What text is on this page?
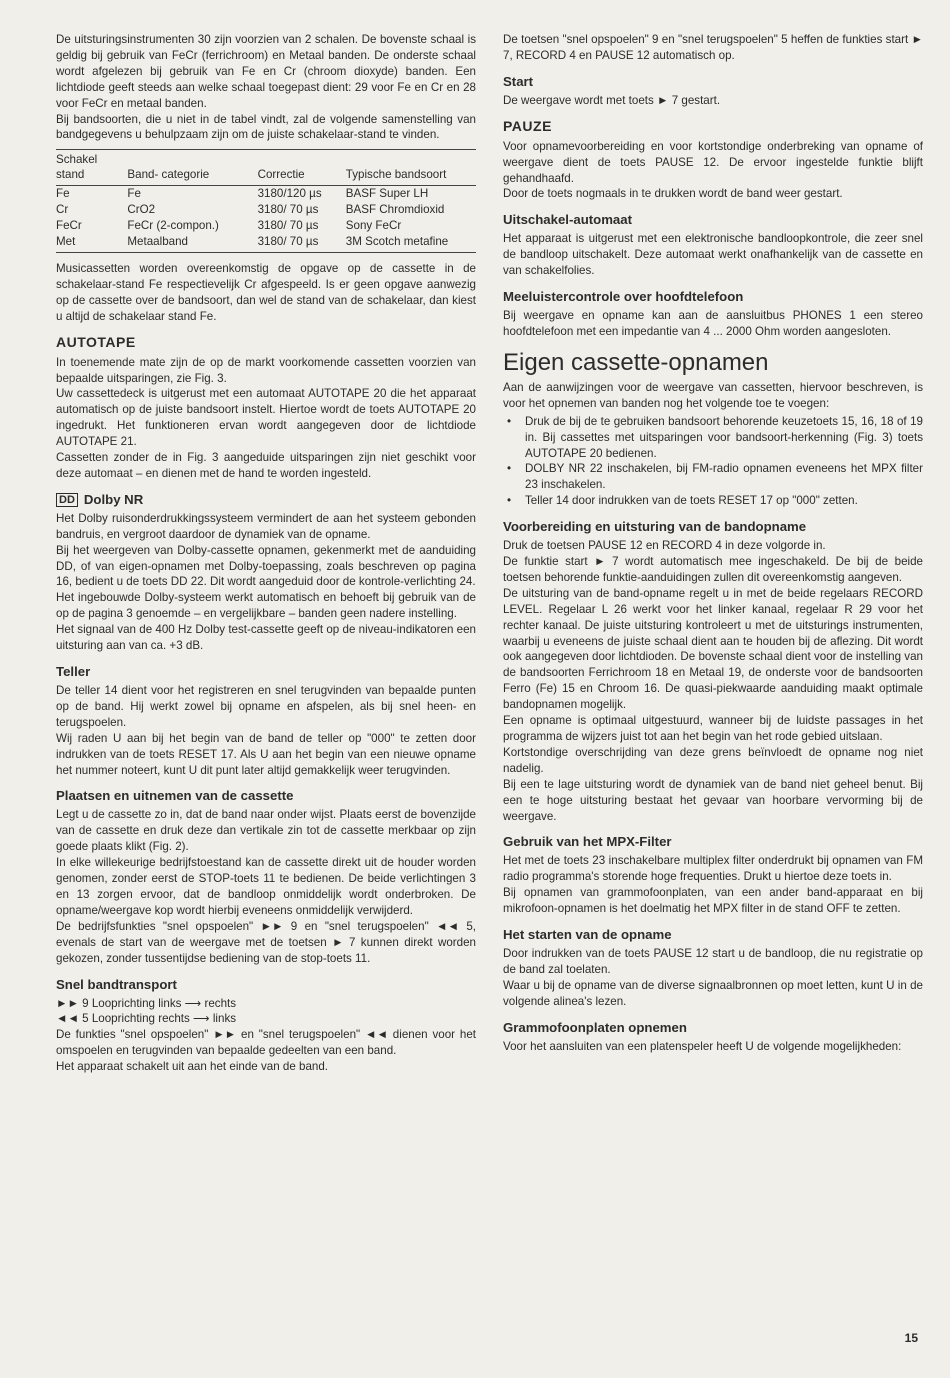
De uitsturingsinstrumenten 30 zijn voorzien van 2 schalen. De bovenste schaal is geldig bij gebruik van FeCr (ferrichroom) en Metaal banden. De onderste schaal wordt afgelezen bij gebruik van Fe en Cr (chroom dioxyde) banden. Een lichtdiode geeft steeds aan welke schaal toegepast dient: 29 voor Fe en Cr en 28 voor FeCr en metaal banden.

Bij bandsoorten, die u niet in de tabel vindt, zal de volgende samenstelling van bandgegevens u behulpzaam zijn om de juiste schakelaar-stand te vinden.

Schakel stand	Band- categorie	Correctie	Typische bandsoort
Fe	Fe	3180/120 µs	BASF Super LH
Cr	CrO2	3180/ 70 µs	BASF Chromdioxid
FeCr	FeCr (2-compon.)	3180/ 70 µs	Sony FeCr
Met	Metaalband	3180/ 70 µs	3M Scotch metafine

Musicassetten worden overeenkomstig de opgave op de cassette in de schakelaar-stand Fe respectievelijk Cr afgespeeld. Is er geen opgave aanwezig op de cassette over de bandsoort, dan wel de stand van de schakelaar, dan kiest u altijd de schakelaar stand Fe.

AUTOTAPE

In toenemende mate zijn de op de markt voorkomende cassetten voorzien van bepaalde uitsparingen, zie Fig. 3.

Uw cassettedeck is uitgerust met een automaat AUTOTAPE 20 die het apparaat automatisch op de juiste bandsoort instelt. Hiertoe wordt de toets AUTOTAPE 20 ingedrukt. Het funktioneren ervan wordt aangegeven door de lichtdiode AUTOTAPE 21.

Cassetten zonder de in Fig. 3 aangeduide uitsparingen zijn niet geschikt voor deze automaat – en dienen met de hand te worden ingesteld.

DD Dolby NR

Het Dolby ruisonderdrukkingssysteem vermindert de aan het systeem gebonden bandruis, en vergroot daardoor de dynamiek van de opname.

Bij het weergeven van Dolby-cassette opnamen, gekenmerkt met de aanduiding DD, of van eigen-opnamen met Dolby-toepassing, zoals beschreven op pagina 16, bedient u de toets DD 22. Dit wordt aangeduid door de kontrole-verlichting 24.

Het ingebouwde Dolby-systeem werkt automatisch en behoeft bij gebruik van de op de pagina 3 genoemde – en vergelijkbare – banden geen nadere instelling.

Het signaal van de 400 Hz Dolby test-cassette geeft op de niveau-indikatoren een uitsturing aan van ca. +3 dB.

Teller

De teller 14 dient voor het registreren en snel terugvinden van bepaalde punten op de band. Hij werkt zowel bij opname en afspelen, als bij snel heen- en terugspoelen.

Wij raden U aan bij het begin van de band de teller op "000" te zetten door indrukken van de toets RESET 17. Als U aan het begin van een nieuwe opname het nummer noteert, kunt U dit punt later altijd gemakkelijk weer terugvinden.

Plaatsen en uitnemen van de cassette

Legt u de cassette zo in, dat de band naar onder wijst. Plaats eerst de bovenzijde van de cassette en druk deze dan vertikale zin tot de cassette merkbaar op zijn goede plaats klikt (Fig. 2).

In elke willekeurige bedrijfstoestand kan de cassette direkt uit de houder worden genomen, zonder eerst de STOP-toets 11 te bedienen. De beide verlichtingen 3 en 13 zorgen ervoor, dat de bandloop onmiddelijk wordt onderbroken. De opname/weergave kop wordt hierbij eveneens onmiddelijk verwijderd.

De bedrijfsfunkties "snel opspoelen" ►► 9 en "snel terugspoelen" ◄◄ 5, evenals de start van de weergave met de toetsen ► 7 kunnen direkt worden gekozen, zonder tussentijdse bediening van de stop-toets 11.

Snel bandtransport
►► 9 Looprichting links ⟶ rechts
◄◄ 5 Looprichting rechts ⟶ links

De funkties "snel opspoelen" ►► en "snel terugspoelen" ◄◄ dienen voor het omspoelen en terugvinden van bepaalde gedeelten van een band.

Het apparaat schakelt uit aan het einde van de band.

De toetsen "snel opspoelen" 9 en "snel terugspoelen" 5 heffen de funkties start ► 7, RECORD 4 en PAUSE 12 automatisch op.

Start

De weergave wordt met toets ► 7 gestart.

PAUZE

Voor opnamevoorbereiding en voor kortstondige onderbreking van opname of weergave dient de toets PAUSE 12. De ervoor ingestelde funktie blijft gehandhaafd.

Door de toets nogmaals in te drukken wordt de band weer gestart.

Uitschakel-automaat

Het apparaat is uitgerust met een elektronische bandloopkontrole, die zeer snel de bandloop uitschakelt. Deze automaat werkt onafhankelijk van de cassette en van schakelfolies.

Meeluistercontrole over hoofdtelefoon

Bij weergave en opname kan aan de aansluitbus PHONES 1 een stereo hoofdtelefoon met een impedantie van 4 ... 2000 Ohm worden aangesloten.

Eigen cassette-opnamen

Aan de aanwijzingen voor de weergave van cassetten, hiervoor beschreven, is voor het opnemen van banden nog het volgende toe te voegen:

• Druk de bij de te gebruiken bandsoort behorende keuzetoets 15, 16, 18 of 19 in. Bij cassettes met uitsparingen voor bandsoort-herkenning (Fig. 3) toets AUTOTAPE 20 bedienen.
• DOLBY NR 22 inschakelen, bij FM-radio opnamen eveneens het MPX filter 23 inschakelen.
• Teller 14 door indrukken van de toets RESET 17 op "000" zetten.
Voorbereiding en uitsturing van de bandopname

Druk de toetsen PAUSE 12 en RECORD 4 in deze volgorde in.

De funktie start ► 7 wordt automatisch mee ingeschakeld. De bij de beide toetsen behorende funktie-aanduidingen zullen dit overeenkomstig aangeven.

De uitsturing van de band-opname regelt u in met de beide regelaars RECORD LEVEL. Regelaar L 26 werkt voor het linker kanaal, regelaar R 29 voor het rechter kanaal. De juiste uitsturing kontroleert u met de uitsturings instrumenten, waarbij u eveneens de juiste schaal dient aan te houden bij de aflezing. Dit wordt ook aangegeven door lichtdioden. De bovenste schaal dient voor de instelling van de bandsoorten Ferrichroom 18 en Metaal 19, de onderste voor de bandsoorten Ferro (Fe) 15 en Chroom 16. De quasi-piekwaarde aanduiding maakt optimale bandopnamen mogelijk.

Een opname is optimaal uitgestuurd, wanneer bij de luidste passages in het programma de wijzers juist tot aan het begin van het rode gebied uitslaan.

Kortstondige overschrijding van deze grens beïnvloedt de opname nog niet nadelig.

Bij een te lage uitsturing wordt de dynamiek van de band niet geheel benut. Bij een te hoge uitsturing bestaat het gevaar van hoorbare vervorming bij de weergave.

Gebruik van het MPX-Filter

Het met de toets 23 inschakelbare multiplex filter onderdrukt bij opnamen van FM radio programma's storende hoge frequenties. Drukt u hiertoe deze toets in.

Bij opnamen van grammofoonplaten, van een ander band-apparaat en bij mikrofoon-opnamen is het doelmatig het MPX filter in de stand OFF te zetten.

Het starten van de opname

Door indrukken van de toets PAUSE 12 start u de bandloop, die nu registratie op de band zal toelaten.

Waar u bij de opname van de diverse signaalbronnen op moet letten, kunt U in de volgende alinea's lezen.

Grammofoonplaten opnemen

Voor het aansluiten van een platenspeler heeft U de volgende mogelijkheden:

15
